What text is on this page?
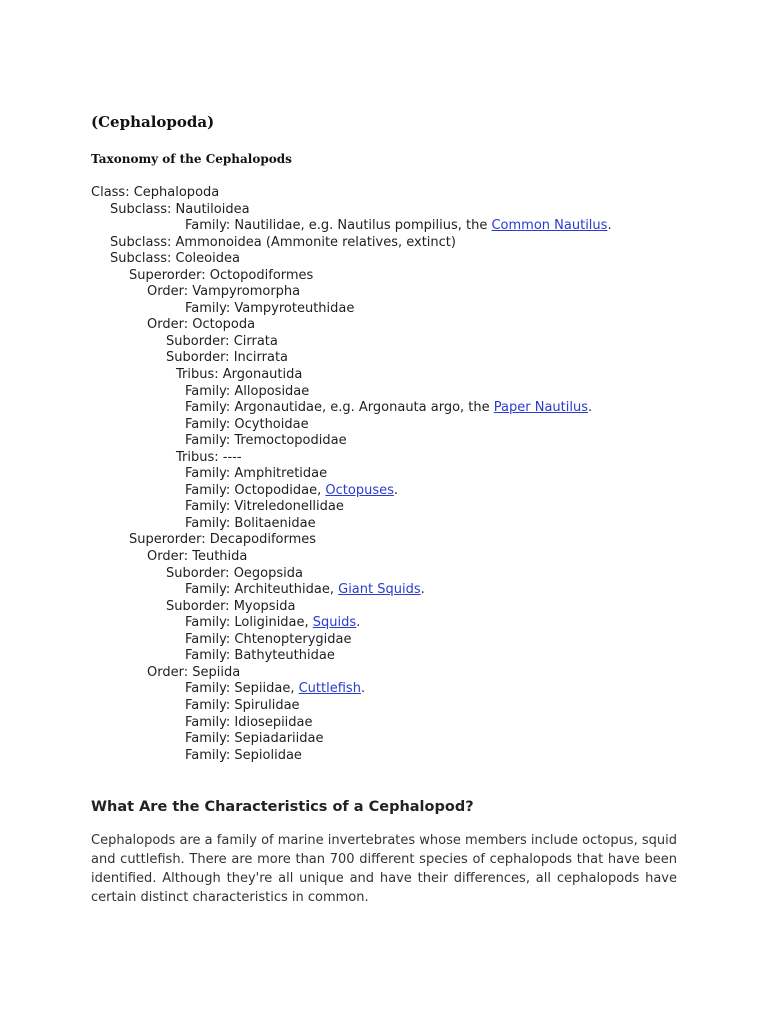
(Cephalopoda)
Taxonomy of the Cephalopods
Class: Cephalopoda
Subclass: Nautiloidea
Family: Nautilidae, e.g. Nautilus pompilius, the Common Nautilus.
Subclass: Ammonoidea (Ammonite relatives, extinct)
Subclass: Coleoidea
Superorder: Octopodiformes
Order: Vampyromorpha
Family: Vampyroteuthidae
Order: Octopoda
Suborder: Cirrata
Suborder: Incirrata
Tribus: Argonautida
Family: Alloposidae
Family: Argonautidae, e.g. Argonauta argo, the Paper Nautilus.
Family: Ocythoidae
Family: Tremoctopodidae
Tribus: ----
Family: Amphitretidae
Family: Octopodidae, Octopuses.
Family: Vitreledonellidae
Family: Bolitaenidae
Superorder: Decapodiformes
Order: Teuthida
Suborder: Oegopsida
Family: Architeuthidae, Giant Squids.
Suborder: Myopsida
Family: Loliginidae, Squids.
Family: Chtenopterygidae
Family: Bathyteuthidae
Order: Sepiida
Family: Sepiidae, Cuttlefish.
Family: Spirulidae
Family: Idiosepiidae
Family: Sepiadariidae
Family: Sepiolidae
What Are the Characteristics of a Cephalopod?

Cephalopods are a family of marine invertebrates whose members include octopus, squid and cuttlefish. There are more than 700 different species of cephalopods that have been identified. Although they're all unique and have their differences, all cephalopods have certain distinct characteristics in common.
